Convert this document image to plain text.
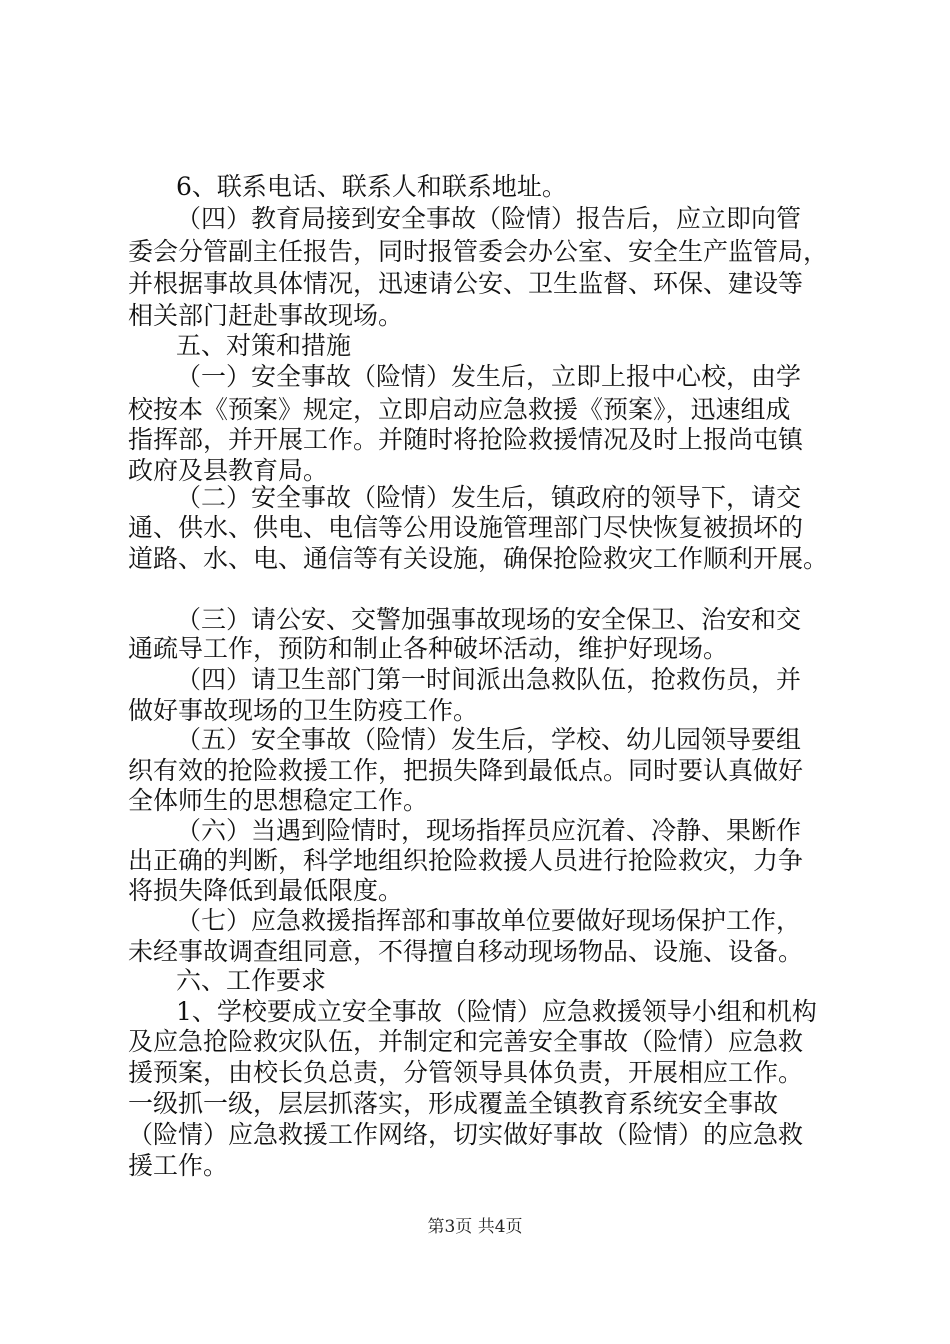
6、联系电话、联系人和联系地址。
（四）教育局接到安全事故（险情）报告后，应立即向管
委会分管副主任报告，同时报管委会办公室、安全生产监管局，
并根据事故具体情况，迅速请公安、卫生监督、环保、建设等
相关部门赶赴事故现场。
五、对策和措施
（一）安全事故（险情）发生后，立即上报中心校，由学
校按本《预案》规定，立即启动应急救援《预案》，迅速组成
指挥部，并开展工作。并随时将抢险救援情况及时上报尚屯镇
政府及县教育局。
（二）安全事故（险情）发生后，镇政府的领导下，请交
通、供水、供电、电信等公用设施管理部门尽快恢复被损坏的
道路、水、电、通信等有关设施，确保抢险救灾工作顺利开展。
（三）请公安、交警加强事故现场的安全保卫、治安和交
通疏导工作，预防和制止各种破坏活动，维护好现场。
（四）请卫生部门第一时间派出急救队伍，抢救伤员，并
做好事故现场的卫生防疫工作。
（五）安全事故（险情）发生后，学校、幼儿园领导要组
织有效的抢险救援工作，把损失降到最低点。同时要认真做好
全体师生的思想稳定工作。
（六）当遇到险情时，现场指挥员应沉着、冷静、果断作
出正确的判断，科学地组织抢险救援人员进行抢险救灾，力争
将损失降低到最低限度。
（七）应急救援指挥部和事故单位要做好现场保护工作，
未经事故调查组同意，不得擅自移动现场物品、设施、设备。
六、工作要求
1、学校要成立安全事故（险情）应急救援领导小组和机构
及应急抢险救灾队伍，并制定和完善安全事故（险情）应急救
援预案，由校长负总责，分管领导具体负责，开展相应工作。
一级抓一级，层层抓落实，形成覆盖全镇教育系统安全事故
（险情）应急救援工作网络，切实做好事故（险情）的应急救
援工作。
第3页 共4页
